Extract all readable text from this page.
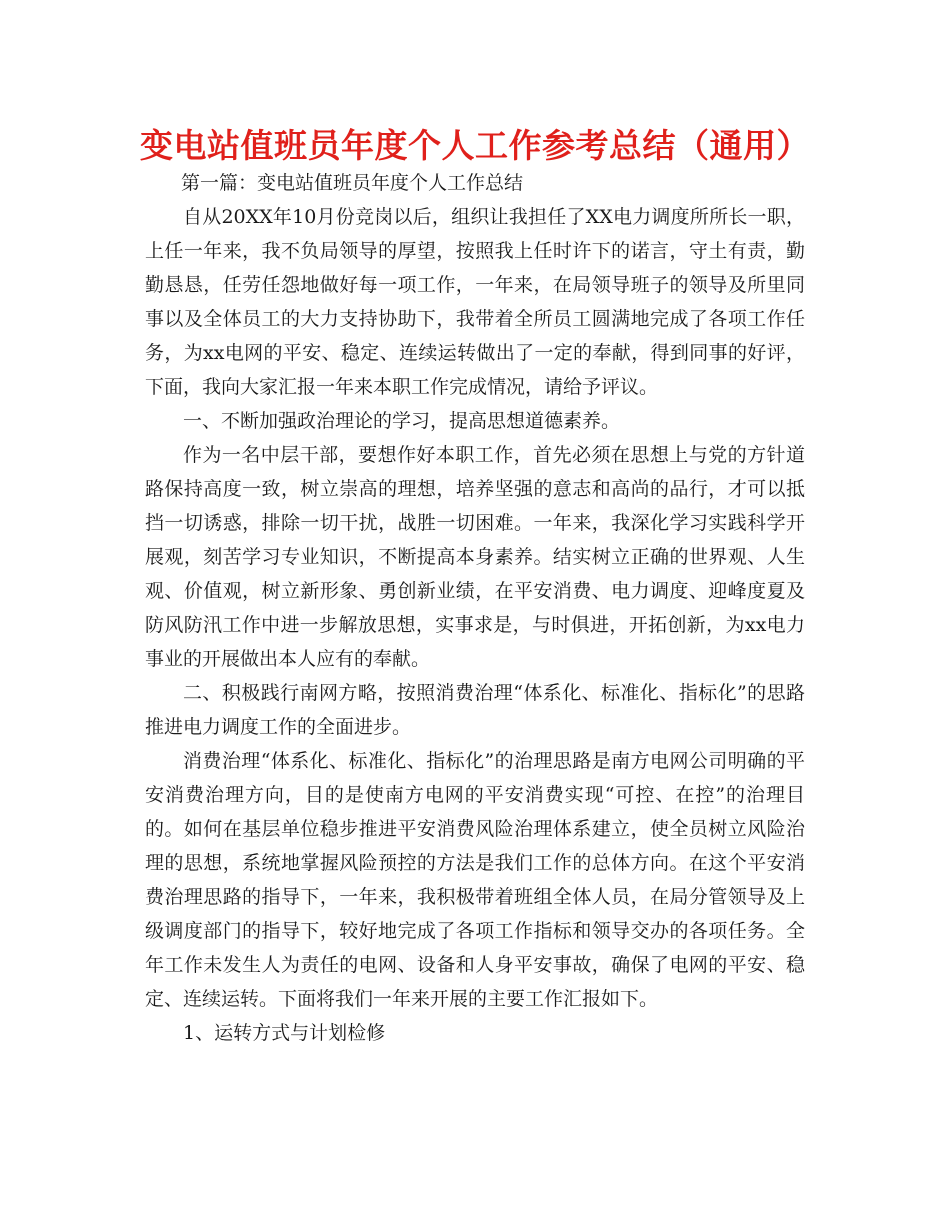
变电站值班员年度个人工作参考总结（通用）
第一篇：变电站值班员年度个人工作总结

自从20XX年10月份竞岗以后，组织让我担任了XX电力调度所所长一职，上任一年来，我不负局领导的厚望，按照我上任时许下的诺言，守土有责，勤勤恳恳，任劳任怨地做好每一项工作，一年来，在局领导班子的领导及所里同事以及全体员工的大力支持协助下，我带着全所员工圆满地完成了各项工作任务，为xx电网的平安、稳定、连续运转做出了一定的奉献，得到同事的好评，下面，我向大家汇报一年来本职工作完成情况，请给予评议。

一、不断加强政治理论的学习，提高思想道德素养。

作为一名中层干部，要想作好本职工作，首先必须在思想上与党的方针道路保持高度一致，树立崇高的理想，培养坚强的意志和高尚的品行，才可以抵挡一切诱惑，排除一切干扰，战胜一切困难。一年来，我深化学习实践科学开展观，刻苦学习专业知识，不断提高本身素养。结实树立正确的世界观、人生观、价值观，树立新形象、勇创新业绩，在平安消费、电力调度、迎峰度夏及防风防汛工作中进一步解放思想，实事求是，与时俱进，开拓创新，为xx电力事业的开展做出本人应有的奉献。

二、积极践行南网方略，按照消费治理“体系化、标准化、指标化”的思路推进电力调度工作的全面进步。

消费治理“体系化、标准化、指标化”的治理思路是南方电网公司明确的平安消费治理方向，目的是使南方电网的平安消费实现“可控、在控”的治理目的。如何在基层单位稳步推进平安消费风险治理体系建立，使全员树立风险治理的思想，系统地掌握风险预控的方法是我们工作的总体方向。在这个平安消费治理思路的指导下，一年来，我积极带着班组全体人员，在局分管领导及上级调度部门的指导下，较好地完成了各项工作指标和领导交办的各项任务。全年工作未发生人为责任的电网、设备和人身平安事故，确保了电网的平安、稳定、连续运转。下面将我们一年来开展的主要工作汇报如下。

1、运转方式与计划检修
